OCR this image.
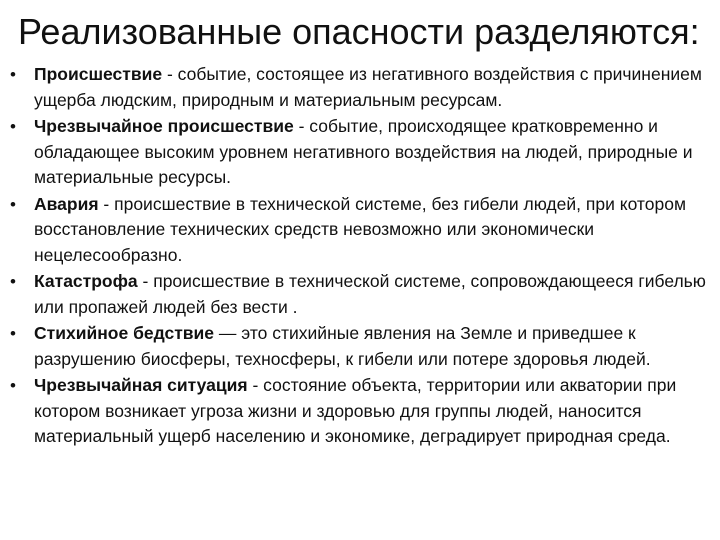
Реализованные опасности разделяются:
• Происшествие - событие, состоящее из негативного воздействия с причинением ущерба людским, природным и материальным ресурсам.
• Чрезвычайное происшествие - событие, происходящее кратковременно и обладающее высоким уровнем негативного воздействия на людей, природные и материальные ресурсы.
• Авария - происшествие в технической системе, без гибели людей, при котором восстановление технических средств невозможно или экономически нецелесообразно.
• Катастрофа - происшествие в технической системе, сопровождающееся гибелью или пропажей людей без вести .
• Стихийное бедствие — это стихийные явления на Земле и приведшее к разрушению биосферы, техносферы, к гибели или потере здоровья людей.
• Чрезвычайная ситуация - состояние объекта, территории или акватории при котором возникает угроза жизни и здоровью для группы людей, наносится материальный ущерб населению и экономике, деградирует природная среда.
